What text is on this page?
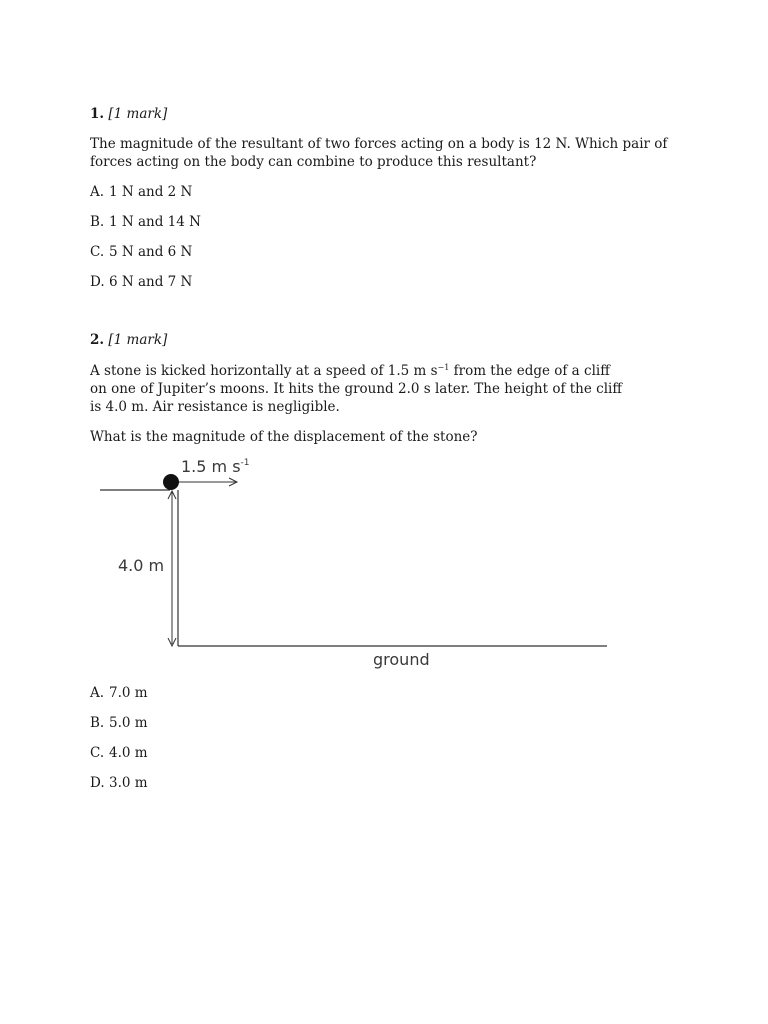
1. [1 mark]
The magnitude of the resultant of two forces acting on a body is 12 N. Which pair of forces acting on the body can combine to produce this resultant?
A. 1 N and 2 N
B. 1 N and 14 N
C. 5 N and 6 N
D. 6 N and 7 N
2. [1 mark]
A stone is kicked horizontally at a speed of 1.5 m $s^{-1}$ from the edge of a cliff on one of Jupiter’s moons. It hits the ground 2.0 s later. The height of the cliff is 4.0 m. Air resistance is negligible.
What is the magnitude of the displacement of the stone?
A. 7.0 m
B. 5.0 m
C. 4.0 m
D. 3.0 m
1.5 m $s^{-1}$
4.0 m
ground
